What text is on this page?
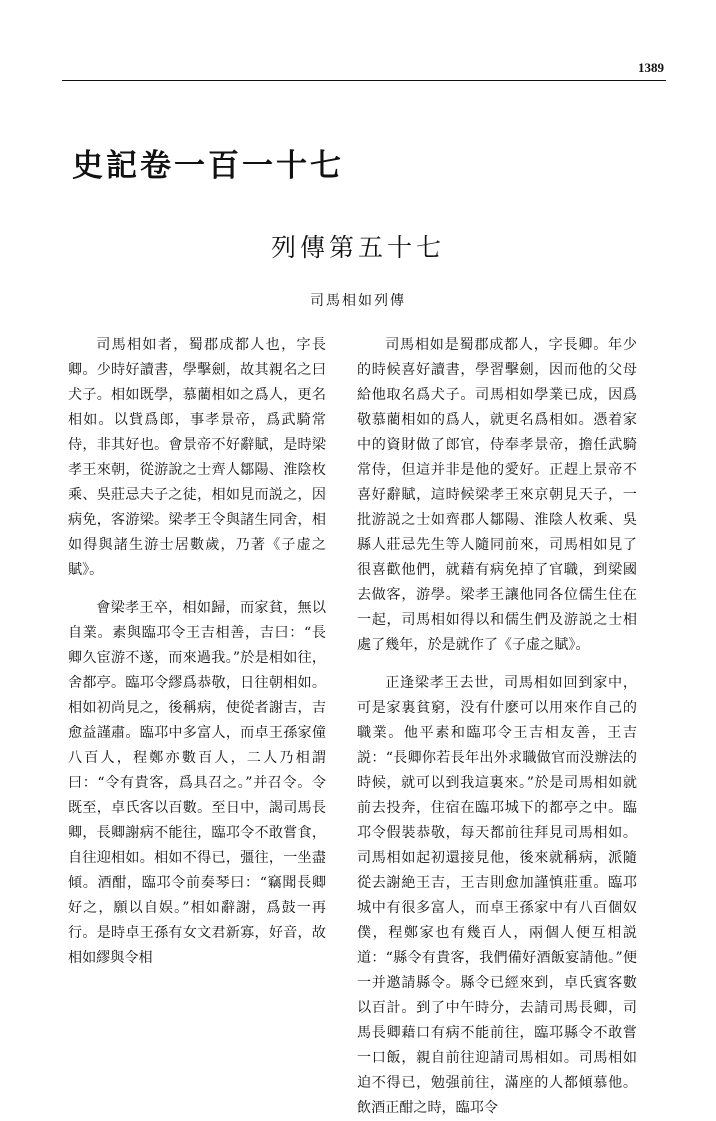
1389
史記卷一百一十七
列傳第五十七
司馬相如列傳

司馬相如者，蜀郡成都人也，字長卿。少時好讀書，學擊劍，故其親名之曰犬子。相如既學，慕藺相如之爲人，更名相如。以貲爲郎，事孝景帝，爲武騎常侍，非其好也。會景帝不好辭賦，是時梁孝王來朝，從游說之士齊人鄒陽、淮陰枚乘、吳莊忌夫子之徒，相如見而説之，因病免，客游梁。梁孝王令與諸生同舍，相如得與諸生游士居數歲，乃著《子虚之賦》。

會梁孝王卒，相如歸，而家貧，無以自業。素與臨邛令王吉相善，吉曰：“長卿久宦游不遂，而來過我。”於是相如往，舍都亭。臨邛令繆爲恭敬，日往朝相如。相如初尚見之，後稱病，使從者謝吉，吉愈益謹肅。臨邛中多富人，而卓王孫家僮八百人，程鄭亦數百人，二人乃相謂曰：“令有貴客，爲具召之。”并召令。令既至，卓氏客以百數。至日中，謁司馬長卿，長卿謝病不能往，臨邛令不敢嘗食，自往迎相如。相如不得已，彊往，一坐盡傾。酒酣，臨邛令前奏琴曰：“竊聞長卿好之，願以自娱。”相如辭謝，爲鼓一再行。是時卓王孫有女文君新寡，好音，故相如繆與令相

司馬相如是蜀郡成都人，字長卿。年少的時候喜好讀書，學習擊劍，因而他的父母給他取名爲犬子。司馬相如學業已成，因爲敬慕藺相如的爲人，就更名爲相如。憑着家中的資財做了郎官，侍奉孝景帝，擔任武騎常侍，但這并非是他的愛好。正趕上景帝不喜好辭賦，這時候梁孝王來京朝見天子，一批游説之士如齊郡人鄒陽、淮陰人枚乘、吳縣人莊忌先生等人隨同前來，司馬相如見了很喜歡他們，就藉有病免掉了官職，到梁國去做客，游學。梁孝王讓他同各位儒生住在一起，司馬相如得以和儒生們及游説之士相處了幾年，於是就作了《子虚之賦》。

正逢梁孝王去世，司馬相如回到家中，可是家裏貧窮，没有什麽可以用來作自己的職業。他平素和臨邛令王吉相友善，王吉説：“長卿你若長年出外求職做官而没辦法的時候，就可以到我這裏來。”於是司馬相如就前去投奔，住宿在臨邛城下的都亭之中。臨邛令假裝恭敬，每天都前往拜見司馬相如。司馬相如起初還接見他，後來就稱病，派隨從去謝絶王吉，王吉則愈加謹慎莊重。臨邛城中有很多富人，而卓王孫家中有八百個奴僕，程鄭家也有幾百人，兩個人便互相説道：“縣令有貴客，我們備好酒飯宴請他。”便一并邀請縣令。縣令已經來到，卓氏賓客數以百計。到了中午時分，去請司馬長卿，司馬長卿藉口有病不能前往，臨邛縣令不敢嘗一口飯，親自前往迎請司馬相如。司馬相如迫不得已，勉强前往，滿座的人都傾慕他。飲酒正酣之時，臨邛令
